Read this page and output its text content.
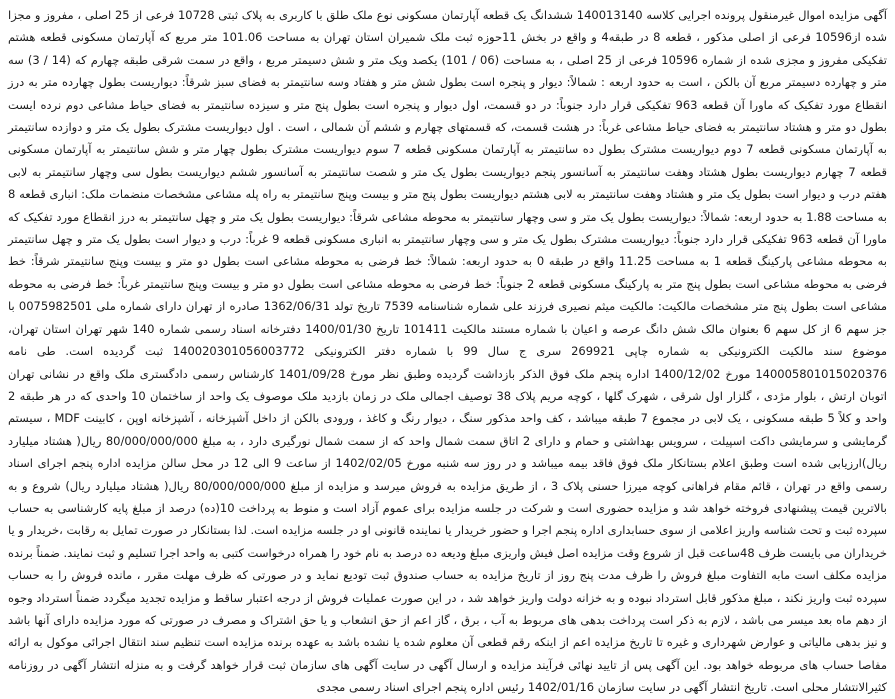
آگهی مزایده اموال غیرمنقول پرونده اجرایی کلاسه 140013140 ششدانگ یک قطعه آپارتمان مسکونی نوع ملک طلق با کاربری به پلاک ثبتی 10728 فرعی از 25 اصلی ، مفروز و مجزا شده از10596 فرعی از اصلی مذکور ، قطعه 8 در طبقه4 و واقع در بخش 11حوزه ثبت ملک شمیران استان تهران به مساحت 101.06 متر مربع که آپارتمان مسکونی قطعه هشتم تفکیکی مفروز و مجزی شده از شماره 10596 فرعی از 25 اصلی ، به مساحت (06 / 101) یکصد ویک متر و شش دسیمتر مربع ، واقع در سمت شرقی طبقه چهارم که (14 / 3) سه متر و چهارده دسیمتر مربع آن بالکن ، است به حدود اربعه : شمالاً: دیوار و پنجره است بطول شش متر و هفتاد وسه سانتیمتر به فضای سبز شرقاً: دیواریست بطول چهارده متر به درز انقطاع مورد تفکیک که ماورا آن قطعه 963 تفکیکی قرار دارد جنوباً: در دو قسمت، اول دیوار و پنجره است بطول پنج متر و سیزده سانتیمتر به فضای حیاط مشاعی دوم نرده ایست بطول دو متر و هشتاد سانتیمتر به فضای حیاط مشاعی غرباً: در هشت قسمت، که قسمتهای چهارم و ششم آن شمالی ، است . اول دیواریست مشترک بطول یک متر و دوازده سانتیمتر به آپارتمان مسکونی قطعه 7 دوم دیواریست مشترک بطول ده سانتیمتر به آپارتمان مسکونی قطعه 7 سوم دیواریست مشترک بطول چهار متر و شش سانتیمتر به آپارتمان مسکونی قطعه 7 چهارم دیواریست بطول هشتاد وهفت سانتیمتر به آسانسور پنجم دیواریست بطول یک متر و شصت سانتیمتر به آسانسور ششم دیواریست بطول سی وچهار سانتیمتر به لابی هفتم درب و دیوار است بطول یک متر و هشتاد وهفت سانتیمتر به لابی هشتم دیواریست بطول پنج متر و بیست وپنج سانتیمتر به راه پله مشاعی مشخصات منضمات ملک: انباری قطعه 8 به مساحت 1.88 به حدود اربعه: شمالاً: دیواریست بطول یک متر و سی وچهار سانتیمتر به محوطه مشاعی شرقاً: دیواریست بطول یک متر و چهل سانتیمتر به درز انقطاع مورد تفکیک که ماورا آن قطعه 963 تفکیکی قرار دارد جنوباً: دیواریست مشترک بطول یک متر و سی وچهار سانتیمتر به انباری مسکونی قطعه 9 غرباً: درب و دیوار است بطول یک متر و چهل سانتیمتر به محوطه مشاعی پارکینگ قطعه 1 به مساحت 11.25 واقع در طبقه 0 به حدود اربعه: شمالاً: خط فرضی به محوطه مشاعی است بطول دو متر و بیست وپنج سانتیمتر شرقاً: خط فرضی به محوطه مشاعی است بطول پنج متر به پارکینگ مسکونی قطعه 2 جنوباً: خط فرضی به محوطه مشاعی است بطول دو متر و بیست وپنج سانتیمتر غرباً: خط فرضی به محوطه مشاعی است بطول پنج متر مشخصات مالکیت: مالکیت میثم نصیری فرزند علی شماره شناسنامه 7539 تاریخ تولد 1362/06/31 صادره از تهران دارای شماره ملی 0075982501 با جز سهم 6 از کل سهم 6 بعنوان مالک شش دانگ عرصه و اعیان با شماره مستند مالکیت 101411 تاریخ 1400/01/30 دفترخانه اسناد رسمی شماره 140 شهر تهران استان تهران، موضوع سند مالکیت الکترونیکی به شماره چاپی 269921 سری ج سال 99 با شماره دفتر الکترونیکی 140020301056003772 ثبت گردیده است. طی نامه 140005801015020376 مورخ 1400/12/02 اداره پنجم ملک فوق الذکر بازداشت گردیده وطبق نظر مورخ 1401/09/28 کارشناس رسمی دادگستری ملک واقع در نشانی تهران اتوبان ارتش ، بلوار مژدی ، گلزار اول شرقی ، شهرک گلها ، کوچه مریم پلاک 38 توصیف اجمالی ملک در زمان بازدید ملک موصوف یک واحد از ساختمان 10 واحدی که در هر طبقه 2 واحد و کلاً 5 طبقه مسکونی ، یک لابی در مجموع 7 طبقه میباشد ، کف واحد مذکور سنگ ، دیوار رنگ و کاغذ ، ورودی بالکن از داخل آشپزخانه ، آشپزخانه اوپن ، کابینت MDF ، سیستم گرمایشی و سرمایشی داکت اسپیلت ، سرویس بهداشتی و حمام و دارای 2 اتاق سمت شمال واحد که از سمت شمال نورگیری دارد ، به مبلغ 80/000/000/000 ریال( هشتاد میلیارد ریال)ارزیابی شده است وطبق اعلام بستانکار ملک فوق فاقد بیمه میباشد و در روز سه شنبه مورخ 1402/02/05 از ساعت 9 الی 12 در محل سالن مزایده اداره پنجم اجرای اسناد رسمی واقع در تهران ، قائم مقام فراهانی کوچه میرزا حسنی پلاک 3 ، از طریق مزایده به فروش میرسد و مزایده از مبلغ 80/000/000/000 ریال( هشتاد میلیارد ریال) شروع و به بالاترین قیمت پیشنهادی فروخته خواهد شد و مزایده حضوری است و شرکت در جلسه مزایده برای عموم آزاد است و منوط به پرداخت 10(ده) درصد از مبلغ پایه کارشناسی به حساب سپرده ثبت و تحت شناسه واریز اعلامی از سوی حسابداری اداره پنجم اجرا و حضور خریدار یا نماینده قانونی او در جلسه مزایده است. لذا بستانکار در صورت تمایل به رقابت ،خریدار و یا خریداران می بایست ظرف 48ساعت قبل از شروع وقت مزایده اصل فیش واریزی مبلغ ودیعه ده درصد به نام خود را همراه درخواست کتبی به واحد اجرا تسلیم و ثبت نمایند. ضمناً برنده مزایده مکلف است مابه التفاوت مبلغ فروش را ظرف مدت پنج روز از تاریخ مزایده به حساب صندوق ثبت تودیع نماید و در صورتی که ظرف مهلت مقرر ، مانده فروش را به حساب سپرده ثبت واریز نکند ، مبلغ مذکور قابل استرداد نبوده و به خزانه دولت واریز خواهد شد ، در این صورت عملیات فروش از درجه اعتبار ساقط و مزایده تجدید میگردد ضمناً استرداد وجوه از دهم ماه بعد میسر می باشد ، لازم به ذکر است پرداخت بدهی های مربوط به آب ، برق ، گاز اعم از حق انشعاب و یا حق اشتراک و مصرف در صورتی که مورد مزایده دارای آنها باشد و نیز بدهی مالیاتی و عوارض شهرداری و غیره تا تاریخ مزایده اعم از اینکه رقم قطعی آن معلوم شده یا نشده باشد به عهده برنده مزایده است تنظیم سند انتقال اجرائی موکول به ارائه مفاصا حساب های مربوطه خواهد بود. این آگهی پس از تایید نهائی فرآیند مزایده و ارسال آگهی در سایت آگهی های سازمان ثبت قرار خواهد گرفت و به منزله انتشار آگهی در روزنامه کثیرالانتشار محلی است. تاریخ انتشار آگهی در سایت سازمان 1402/01/16 رئیس اداره پنجم اجرای اسناد رسمی مجدی
